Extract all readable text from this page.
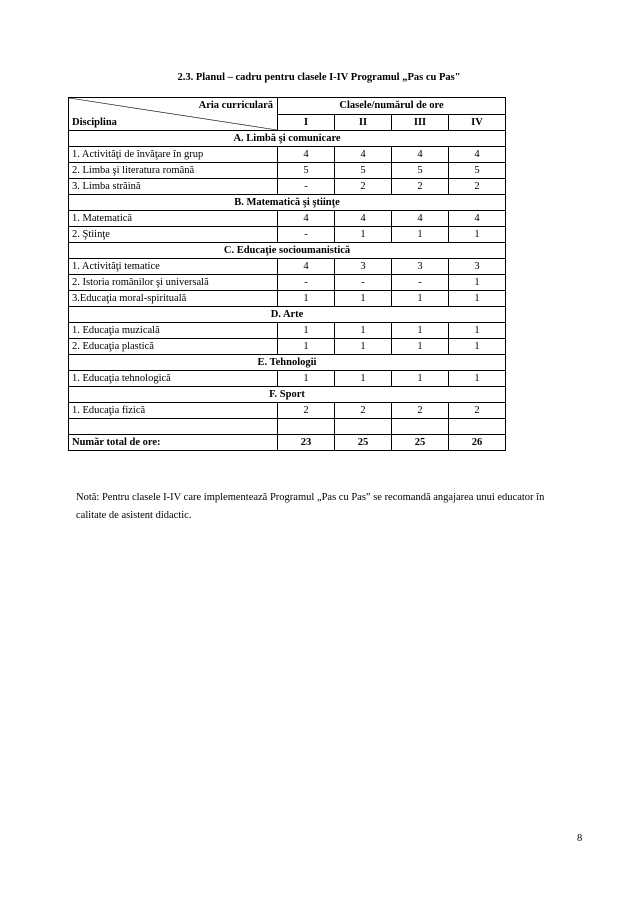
2.3. Planul – cadru pentru clasele I-IV Programul „Pas cu Pas"
Aria curriculară
Disciplina	Clasele/numărul de ore			
	I	II	III	IV
A. Limbă şi comunicare				
1. Activităţi de învăţare în grup	4	4	4	4
2. Limba şi literatura română	5	5	5	5
3. Limba străină	-	2	2	2
B. Matematică şi ştiinţe				
1. Matematică	4	4	4	4
2. Ştiinţe	-	1	1	1
C. Educaţie socioumanistică				
1. Activităţi tematice	4	3	3	3
2. Istoria românilor şi universală	-	-	-	1
3.Educaţia moral-spirituală	1	1	1	1
D. Arte				
1. Educaţia muzicală	1	1	1	1
2. Educaţia plastică	1	1	1	1
E. Tehnologii				
1. Educaţia tehnologică	1	1	1	1
F. Sport				
1. Educaţia fizică	2	2	2	2

Număr total de ore:	23	25	25	26
Notă: Pentru clasele I-IV care implementează Programul „Pas cu Pas” se recomandă angajarea unui educator în calitate de asistent didactic.
8
